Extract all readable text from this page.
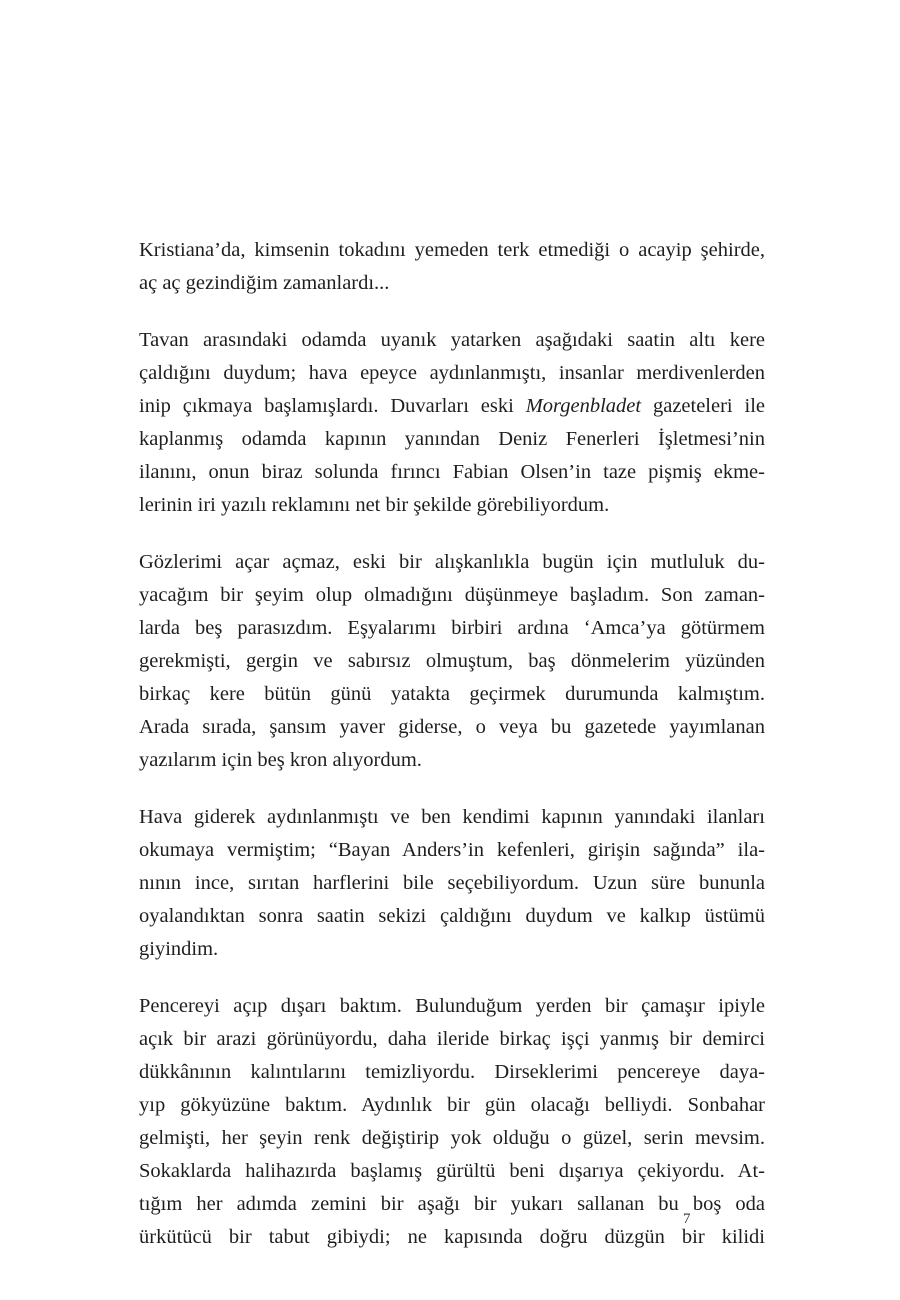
Kristiana’da, kimsenin tokadını yemeden terk etmediği o acayip şehirde,
aç aç gezindiğim zamanlardı...

Tavan arasındaki odamda uyanık yatarken aşağıdaki saatin altı kere
çaldığını duydum; hava epeyce aydınlanmıştı, insanlar merdivenlerden
inip çıkmaya başlamışlardı. Duvarları eski Morgenbladet gazeteleri ile
kaplanmış odamda kapının yanından Deniz Fenerleri İşletmesi’nin
ilanını, onun biraz solunda fırıncı Fabian Olsen’in taze pişmiş ekme-
lerinin iri yazılı reklamını net bir şekilde görebiliyordum.

Gözlerimi açar açmaz, eski bir alışkanlıkla bugün için mutluluk du-
yacağım bir şeyim olup olmadığını düşünmeye başladım. Son zaman-
larda beş parasızdım. Eşyalarımı birbiri ardına ‘Amca’ya götürmem
gerekmişti, gergin ve sabırsız olmuştum, baş dönmelerim yüzünden
birkaç kere bütün günü yatakta geçirmek durumunda kalmıştım.
Arada sırada, şansım yaver giderse, o veya bu gazetede yayımlanan
yazılarım için beş kron alıyordum.

Hava giderek aydınlanmıştı ve ben kendimi kapının yanındaki ilanları
okumaya vermiştim; “Bayan Anders’in kefenleri, girişin sağında” ila-
nının ince, sırıtan harflerini bile seçebiliyordum. Uzun süre bununla
oyalandıktan sonra saatin sekizi çaldığını duydum ve kalkıp üstümü
giyindim.

Pencereyi açıp dışarı baktım. Bulunduğum yerden bir çamaşır ipiyle
açık bir arazi görünüyordu, daha ileride birkaç işçi yanmış bir demirci
dükkânının kalıntılarını temizliyordu. Dirseklerimi pencereye daya-
yıp gökyüzüne baktım. Aydınlık bir gün olacağı belliydi. Sonbahar
gelmişti, her şeyin renk değiştirip yok olduğu o güzel, serin mevsim.
Sokaklarda halihazırda başlamış gürültü beni dışarıya çekiyordu. At-
tığım her adımda zemini bir aşağı bir yukarı sallanan bu boş oda
ürkütücü bir tabut gibiydi; ne kapısında doğru düzgün bir kilidi

7
